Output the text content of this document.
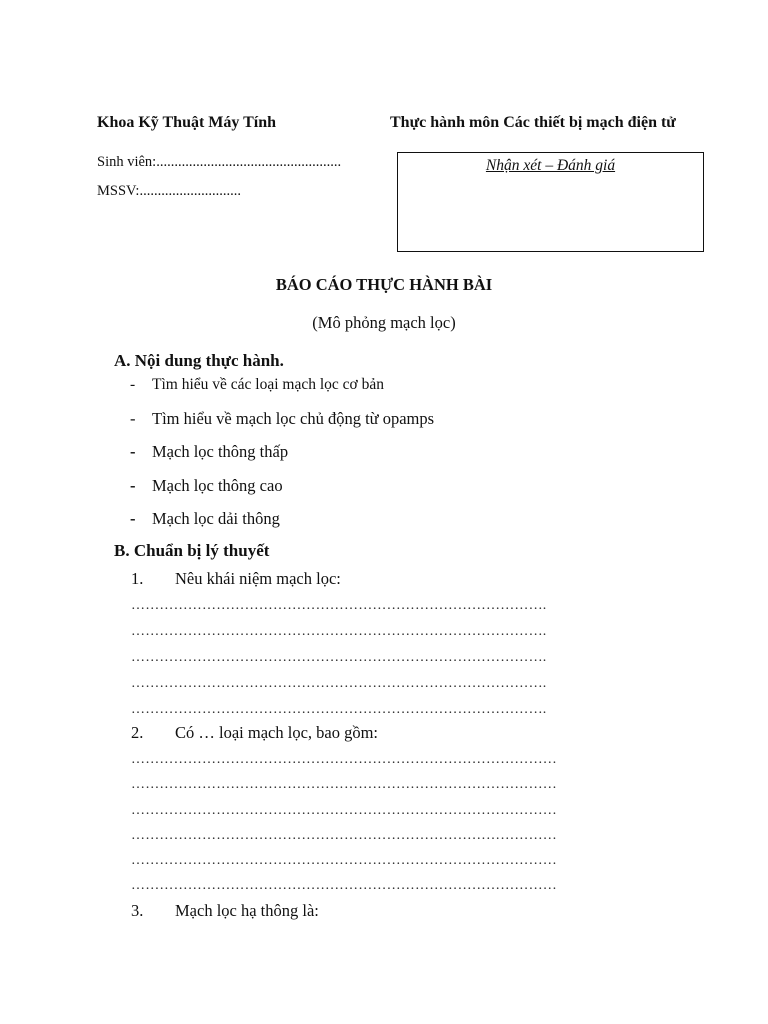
Khoa Kỹ Thuật Máy Tính	Thực hành môn Các thiết bị mạch điện tử
Sinh viên:...................................................
MSSV:............................
Nhận xét – Đánh giá
BÁO CÁO THỰC HÀNH BÀI
(Mô phỏng mạch lọc)
A. Nội dung thực hành.
- Tìm hiểu về các loại mạch lọc cơ bản
- Tìm hiểu về mạch lọc chủ động từ opamps
- Mạch lọc thông thấp
- Mạch lọc thông cao
- Mạch lọc dải thông
B. Chuẩn bị lý thuyết
1. Nêu khái niệm mạch lọc:
…………………………………………………………………………….
…………………………………………………………………………….
…………………………………………………………………………….
…………………………………………………………………………….
…………………………………………………………………………….
2. Có … loại mạch lọc, bao gồm:
………………………………………………………………………………
………………………………………………………………………………
………………………………………………………………………………
………………………………………………………………………………
………………………………………………………………………………
………………………………………………………………………………
3. Mạch lọc hạ thông là:
